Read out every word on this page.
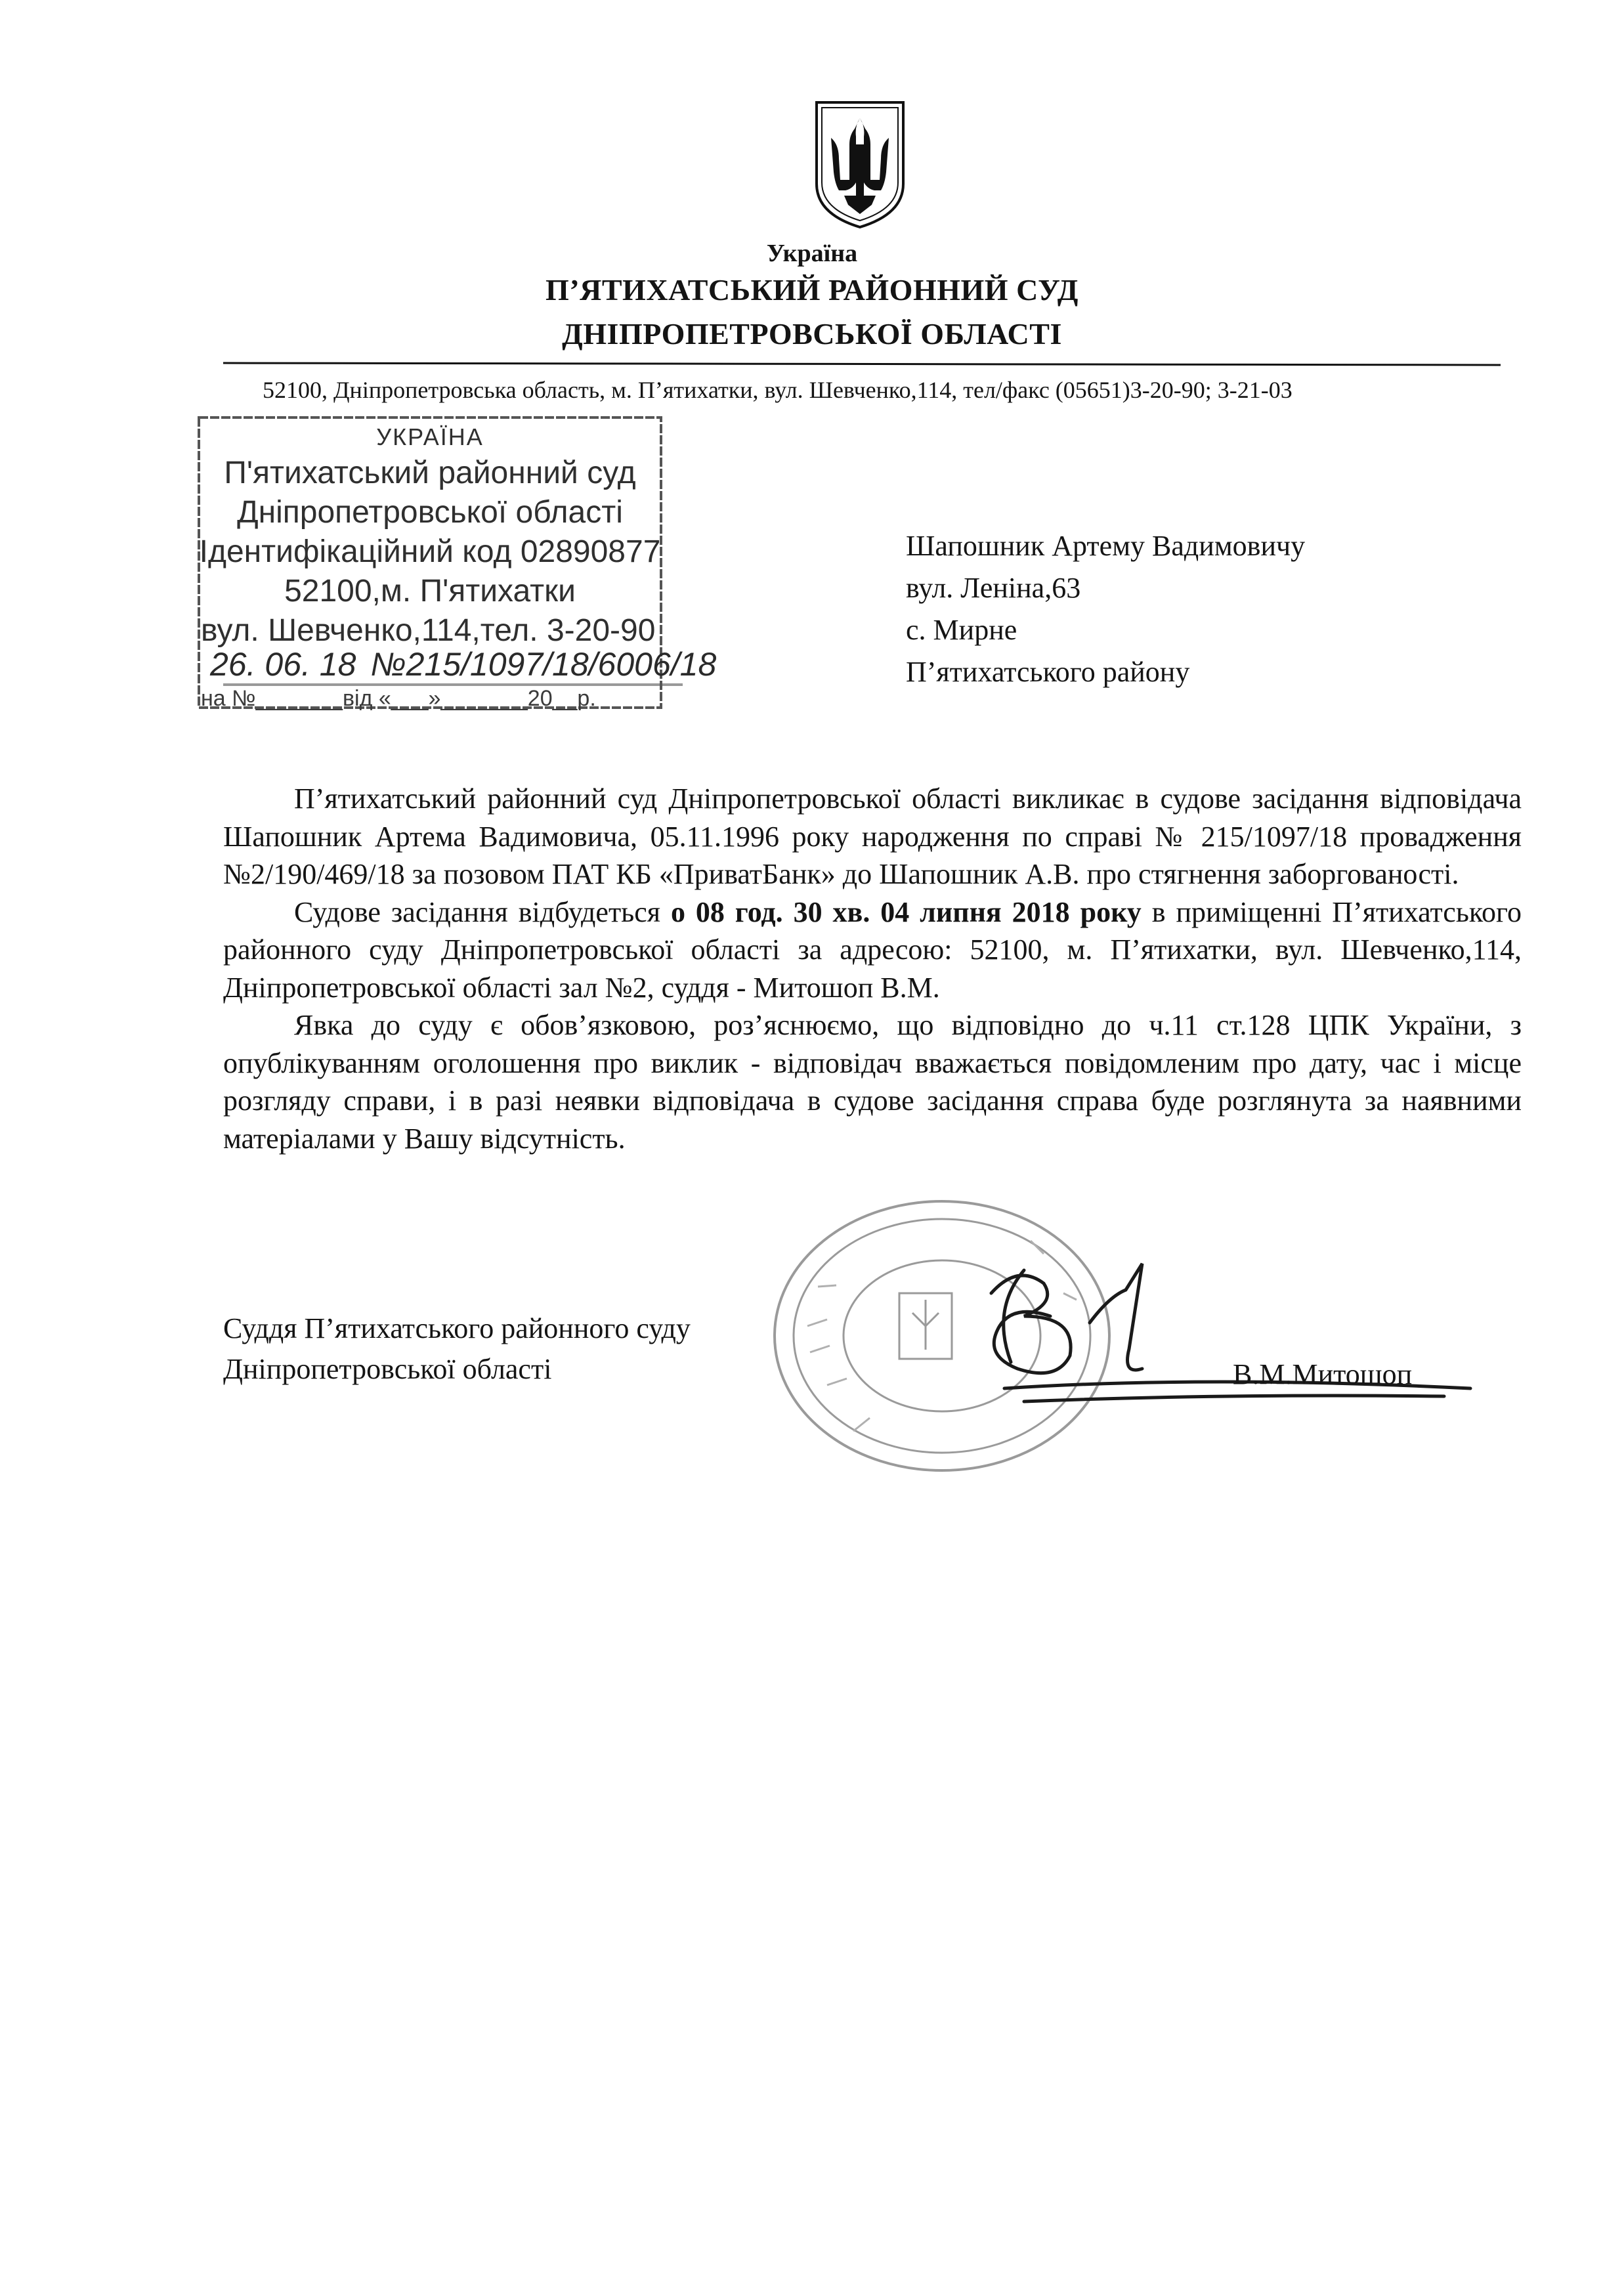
Україна
П’ЯТИХАТСЬКИЙ РАЙОННИЙ СУД
ДНІПРОПЕТРОВСЬКОЇ ОБЛАСТІ
52100, Дніпропетровська область, м. П’ятихатки, вул. Шевченко,114, тел/факс (05651)3-20-90; 3-21-03
УКРАЇНА
П'ятихатський районний суд
Дніпропетровської області
Ідентифікаційний код 02890877
52100,м. П'ятихатки
вул. Шевченко,114,тел. 3-20-90
26. 06. 18 №215/1097/18/6006/18
на №_______від «___»_______20__р.
Шапошник Артему Вадимовичу
вул. Леніна,63
с. Мирне
П’ятихатського району

П’ятихатський районний суд Дніпропетровської області викликає в судове засідання відповідача Шапошник Артема Вадимовича, 05.11.1996 року народження по справі № 215/1097/18 провадження №2/190/469/18 за позовом ПАТ КБ «ПриватБанк» до Шапошник А.В. про стягнення заборгованості.

Судове засідання відбудеться о 08 год. 30 хв. 04 липня 2018 року в приміщенні П’ятихатського районного суду Дніпропетровської області за адресою: 52100, м. П’ятихатки, вул. Шевченко,114, Дніпропетровської області зал №2, суддя - Митошоп В.М.

Явка до суду є обов’язковою, роз’яснюємо, що відповідно до ч.11 ст.128 ЦПК України, з опублікуванням оголошення про виклик - відповідач вважається повідомленим про дату, час і місце розгляду справи, і в разі неявки відповідача в судове засідання справа буде розглянута за наявними матеріалами у Вашу відсутність.

Суддя П’ятихатського районного суду
Дніпропетровської області	В.М.Митошоп
